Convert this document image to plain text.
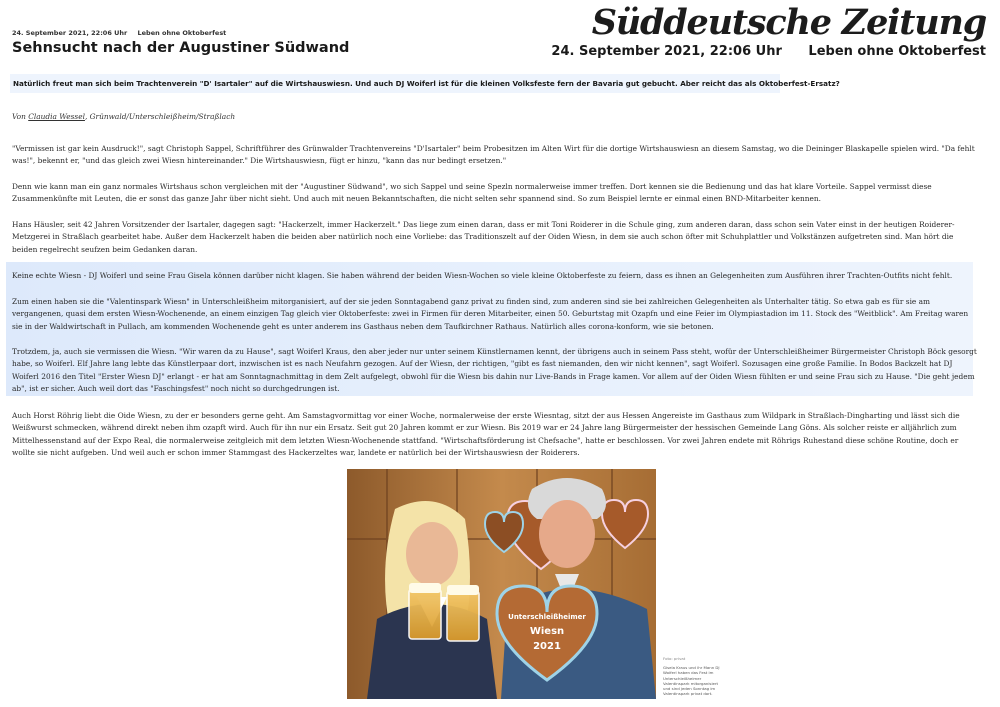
Süddeutsche Zeitung
24. September 2021, 22:06 Uhr Leben ohne Oktoberfest
Sehnsucht nach der Augustiner Südwand	24. September 2021, 22:06 Uhr Leben ohne Oktoberfest
Natürlich freut man sich beim Trachtenverein "D' Isartaler" auf die Wirtshauswiesn. Und auch DJ Woiferl ist für die kleinen Volksfeste fern der Bavaria gut gebucht. Aber reicht das als Oktoberfest-Ersatz?
Von Claudia Wessel, Grünwald/Unterschleißheim/Straßlach

"Vermissen ist gar kein Ausdruck!", sagt Christoph Sappel, Schriftführer des Grünwalder Trachtenvereins "D'Isartaler" beim Probesitzen im Alten Wirt für die dortige Wirtshauswiesn an diesem Samstag, wo die Deininger Blaskapelle spielen wird. "Da fehlt was!", bekennt er, "und das gleich zwei Wiesn hintereinander." Die Wirtshauswiesn, fügt er hinzu, "kann das nur bedingt ersetzen."

Denn wie kann man ein ganz normales Wirtshaus schon vergleichen mit der "Augustiner Südwand", wo sich Sappel und seine Spezln normalerweise immer treffen. Dort kennen sie die Bedienung und das hat klare Vorteile. Sappel vermisst diese Zusammenkünfte mit Leuten, die er sonst das ganze Jahr über nicht sieht. Und auch mit neuen Bekanntschaften, die nicht selten sehr spannend sind. So zum Beispiel lernte er einmal einen BND-Mitarbeiter kennen.

Hans Häusler, seit 42 Jahren Vorsitzender der Isartaler, dagegen sagt: "Hackerzelt, immer Hackerzelt." Das liege zum einen daran, dass er mit Toni Roiderer in die Schule ging, zum anderen daran, dass schon sein Vater einst in der heutigen Roiderer-Metzgerei in Straßlach gearbeitet habe. Außer dem Hackerzelt haben die beiden aber natürlich noch eine Vorliebe: das Traditionszelt auf der Oiden Wiesn, in dem sie auch schon öfter mit Schuhplattler und Volkstänzen aufgetreten sind. Man hört die beiden regelrecht seufzen beim Gedanken daran.

Keine echte Wiesn - DJ Woiferl und seine Frau Gisela können darüber nicht klagen. Sie haben während der beiden Wiesn-Wochen so viele kleine Oktoberfeste zu feiern, dass es ihnen an Gelegenheiten zum Ausführen ihrer Trachten-Outfits nicht fehlt.

Zum einen haben sie die "Valentinspark Wiesn" in Unterschleißheim mitorganisiert, auf der sie jeden Sonntagabend ganz privat zu finden sind, zum anderen sind sie bei zahlreichen Gelegenheiten als Unterhalter tätig. So etwa gab es für sie am vergangenen, quasi dem ersten Wiesn-Wochenende, an einem einzigen Tag gleich vier Oktoberfeste: zwei in Firmen für deren Mitarbeiter, einen 50. Geburtstag mit Ozapfn und eine Feier im Olympiastadion im 11. Stock des "Weitblick". Am Freitag waren sie in der Waldwirtschaft in Pullach, am kommenden Wochenende geht es unter anderem ins Gasthaus neben dem Taufkirchner Rathaus. Natürlich alles corona-konform, wie sie betonen.

Trotzdem, ja, auch sie vermissen die Wiesn. "Wir waren da zu Hause", sagt Woiferl Kraus, den aber jeder nur unter seinem Künstlernamen kennt, der übrigens auch in seinem Pass steht, wofür der Unterschleißheimer Bürgermeister Christoph Böck gesorgt habe, so Woiferl. Elf Jahre lang lebte das Künstlerpaar dort, inzwischen ist es nach Neufahrn gezogen. Auf der Wiesn, der richtigen, "gibt es fast niemanden, den wir nicht kennen", sagt Woiferl. Sozusagen eine große Familie. In Bodos Backzelt hat DJ Woiferl 2016 den Titel "Erster Wiesn DJ" erlangt - er hat am Sonntagnachmittag in dem Zelt aufgelegt, obwohl für die Wiesn bis dahin nur Live-Bands in Frage kamen. Vor allem auf der Oiden Wiesn fühlten er und seine Frau sich zu Hause. "Die geht jedem ab", ist er sicher. Auch weil dort das "Faschingsfest" noch nicht so durchgedrungen ist.

Auch Horst Röhrig liebt die Oide Wiesn, zu der er besonders gerne geht. Am Samstagvormittag vor einer Woche, normalerweise der erste Wiesntag, sitzt der aus Hessen Angereiste im Gasthaus zum Wildpark in Straßlach-Dingharting und lässt sich die Weißwurst schmecken, während direkt neben ihm ozapft wird. Auch für ihn nur ein Ersatz. Seit gut 20 Jahren kommt er zur Wiesn. Bis 2019 war er 24 Jahre lang Bürgermeister der hessischen Gemeinde Lang Göns. Als solcher reiste er alljährlich zum Mittelhessenstand auf der Expo Real, die normalerweise zeitgleich mit dem letzten Wiesn-Wochenende stattfand. "Wirtschaftsförderung ist Chefsache", hatte er beschlossen. Vor zwei Jahren endete mit Röhrigs Ruhestand diese schöne Routine, doch er wollte sie nicht aufgeben. Und weil auch er schon immer Stammgast des Hackerzeltes war, landete er natürlich bei der Wirtshauswiesn der Roiderers.

Unterschleißheimer
Wiesn
2021
Foto: privat
Gisela Kraus und ihr Mann DJ Woiferl haben das Fest im Unterschleißheimer Valentinspark mitorganisiert und sind jeden Sonntag im Valentinspark privat dort.
